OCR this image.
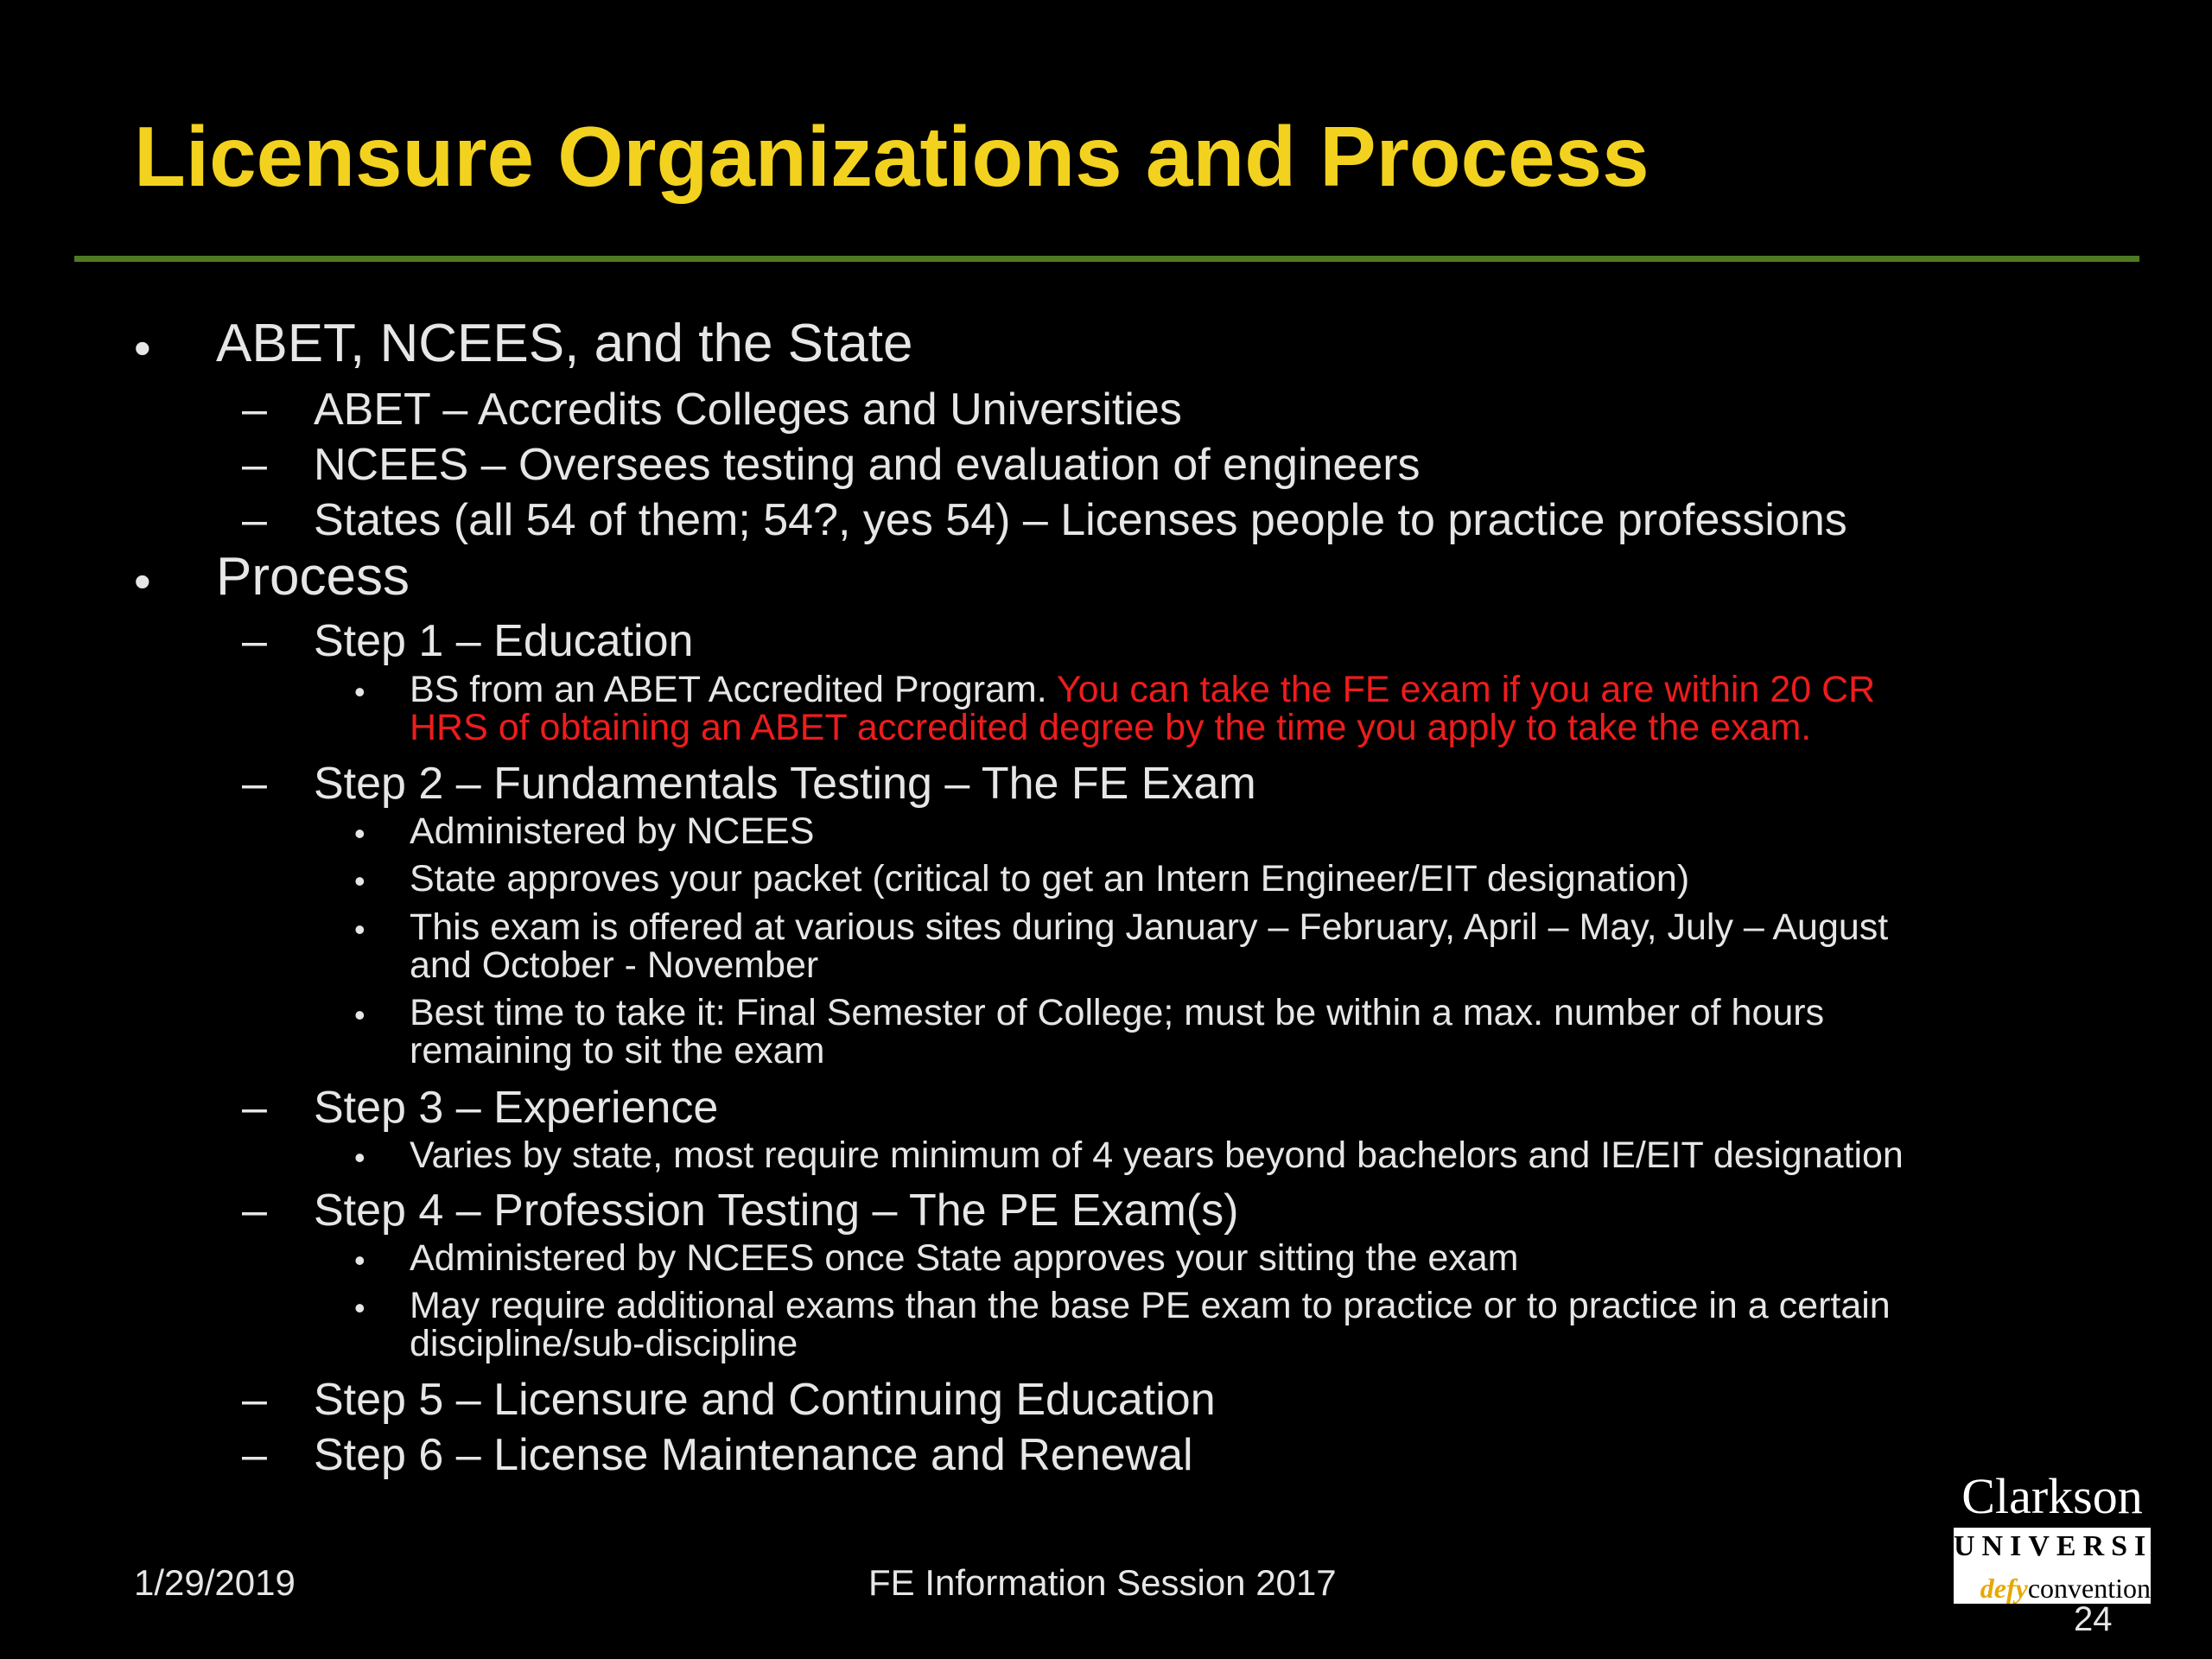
Licensure Organizations and Process
• ABET, NCEES, and the State
– ABET – Accredits Colleges and Universities
– NCEES – Oversees testing and evaluation of engineers
– States (all 54 of them; 54?, yes 54) – Licenses people to practice professions
• Process
– Step 1 – Education
• BS from an ABET Accredited Program. You can take the FE exam if you are within 20 CR
HRS of obtaining an ABET accredited degree by the time you apply to take the exam.
– Step 2 – Fundamentals Testing – The FE Exam
• Administered by NCEES
• State approves your packet (critical to get an Intern Engineer/EIT designation)
• This exam is offered at various sites during January – February, April – May, July – August
and October - November
• Best time to take it: Final Semester of College; must be within a max. number of hours
remaining to sit the exam
– Step 3 – Experience
• Varies by state, most require minimum of 4 years beyond bachelors and IE/EIT designation
– Step 4 – Profession Testing – The PE Exam(s)
• Administered by NCEES once State approves your sitting the exam
• May require additional exams than the base PE exam to practice or to practice in a certain
discipline/sub-discipline
– Step 5 – Licensure and Continuing Education
– Step 6 – License Maintenance and Renewal
1/29/2019	FE Information Session 2017
Clarkson
UNIVERSITY
defyconvention
24
